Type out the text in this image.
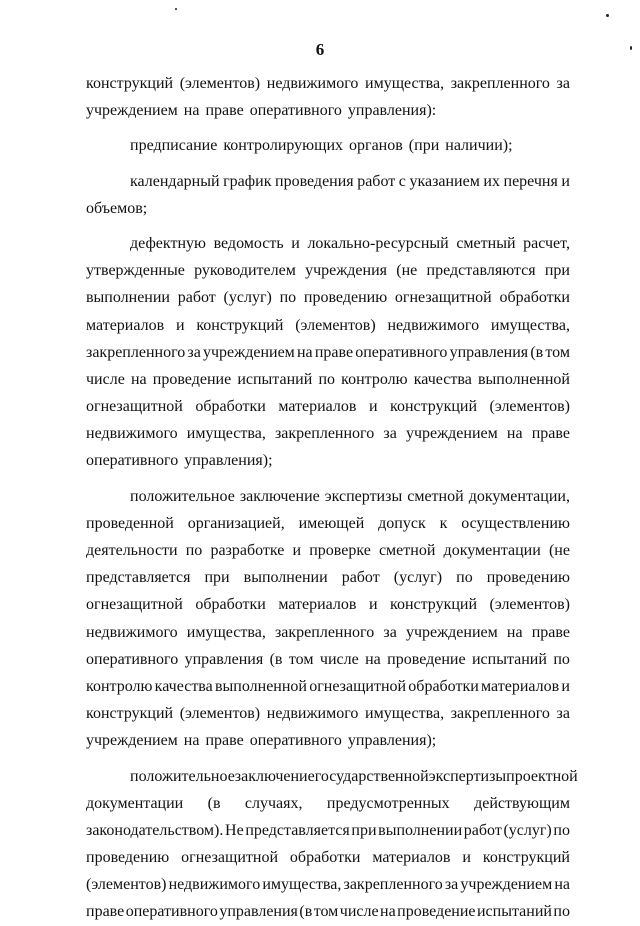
6
конструкций (элементов) недвижимого имущества, закрепленного за
учреждением на праве оперативного управления):
предписание контролирующих органов (при наличии);
календарный график проведения работ с указанием их перечня и
объемов;
дефектную ведомость и локально-ресурсный сметный расчет,
утвержденные руководителем учреждения (не представляются при
выполнении работ (услуг) по проведению огнезащитной обработки
материалов и конструкций (элементов) недвижимого имущества,
закрепленного за учреждением на праве оперативного управления (в том
числе на проведение испытаний по контролю качества выполненной
огнезащитной обработки материалов и конструкций (элементов)
недвижимого имущества, закрепленного за учреждением на праве
оперативного управления);
положительное заключение экспертизы сметной документации,
проведенной организацией, имеющей допуск к осуществлению
деятельности по разработке и проверке сметной документации (не
представляется при выполнении работ (услуг) по проведению
огнезащитной обработки материалов и конструкций (элементов)
недвижимого имущества, закрепленного за учреждением на праве
оперативного управления (в том числе на проведение испытаний по
контролю качества выполненной огнезащитной обработки материалов и
конструкций (элементов) недвижимого имущества, закрепленного за
учреждением на праве оперативного управления);
положительное заключение государственной экспертизы проектной
документации (в случаях, предусмотренных действующим
законодательством). Не представляется при выполнении работ (услуг) по
проведению огнезащитной обработки материалов и конструкций
(элементов) недвижимого имущества, закрепленного за учреждением на
праве оперативного управления (в том числе на проведение испытаний по
